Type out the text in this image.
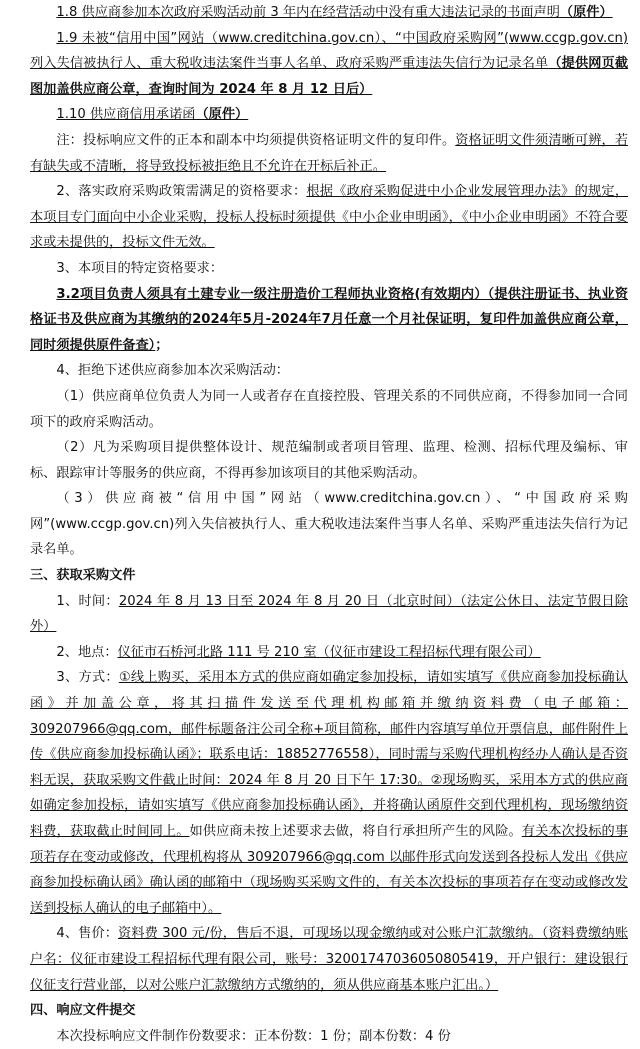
1.8 供应商参加本次政府采购活动前 3 年内在经营活动中没有重大违法记录的书面声明（原件）

1.9 未被“信用中国”网站（www.creditchina.gov.cn）、“中国政府采购网”(www.ccgp.gov.cn)列入失信被执行人、重大税收违法案件当事人名单、政府采购严重违法失信行为记录名单（提供网页截图加盖供应商公章，查询时间为 2024 年 8 月 12 日后）

1.10 供应商信用承诺函（原件）

注：投标响应文件的正本和副本中均须提供资格证明文件的复印件。资格证明文件须清晰可辨，若有缺失或不清晰，将导致投标被拒绝且不允许在开标后补正。

2、落实政府采购政策需满足的资格要求：根据《政府采购促进中小企业发展管理办法》的规定，本项目专门面向中小企业采购，投标人投标时须提供《中小企业申明函》，《中小企业申明函》不符合要求或未提供的，投标文件无效。

3、本项目的特定资格要求：

3.2项目负责人须具有土建专业一级注册造价工程师执业资格(有效期内）（提供注册证书、执业资格证书及供应商为其缴纳的2024年5月-2024年7月任意一个月社保证明，复印件加盖供应商公章，同时须提供原件备查）；

4、拒绝下述供应商参加本次采购活动：

（1）供应商单位负责人为同一人或者存在直接控股、管理关系的不同供应商，不得参加同一合同项下的政府采购活动。

（2）凡为采购项目提供整体设计、规范编制或者项目管理、监理、检测、招标代理及编标、审标、跟踪审计等服务的供应商，不得再参加该项目的其他采购活动。

（3）供应商被“信用中国”网站（www.creditchina.gov.cn）、“中国政府采购网”(www.ccgp.gov.cn)列入失信被执行人、重大税收违法案件当事人名单、采购严重违法失信行为记录名单。

三、获取采购文件

1、时间：2024 年 8 月 13 日至 2024 年 8 月 20 日（北京时间）（法定公休日、法定节假日除外）

2、地点：仪征市石桥河北路 111 号 210 室（仪征市建设工程招标代理有限公司）

3、方式：①线上购买，采用本方式的供应商如确定参加投标，请如实填写《供应商参加投标确认函》并加盖公章，将其扫描件发送至代理机构邮箱并缴纳资料费（电子邮箱：309207966@qq.com，邮件标题备注公司全称+项目简称，邮件内容填写单位开票信息，邮件附件上传《供应商参加投标确认函》；联系电话：18852776558），同时需与采购代理机构经办人确认是否资料无误，获取采购文件截止时间：2024 年 8 月 20 日下午 17:30。②现场购买，采用本方式的供应商如确定参加投标，请如实填写《供应商参加投标确认函》，并将确认函原件交到代理机构，现场缴纳资料费，获取截止时间同上。如供应商未按上述要求去做，将自行承担所产生的风险。有关本次投标的事项若存在变动或修改，代理机构将从 309207966@qq.com 以邮件形式向发送到各投标人发出《供应商参加投标确认函》确认函的邮箱中（现场购买采购文件的，有关本次投标的事项若存在变动或修改发送到投标人确认的电子邮箱中）。

4、售价：资料费 300 元/份，售后不退，可现场以现金缴纳或对公账户汇款缴纳。（资料费缴纳账户名：仪征市建设工程招标代理有限公司，账号：32001747036050805419，开户银行：建设银行仪征支行营业部，以对公账户汇款缴纳方式缴纳的，须从供应商基本账户汇出。）

四、响应文件提交

本次投标响应文件制作份数要求：正本份数：1 份；副本份数：4 份
